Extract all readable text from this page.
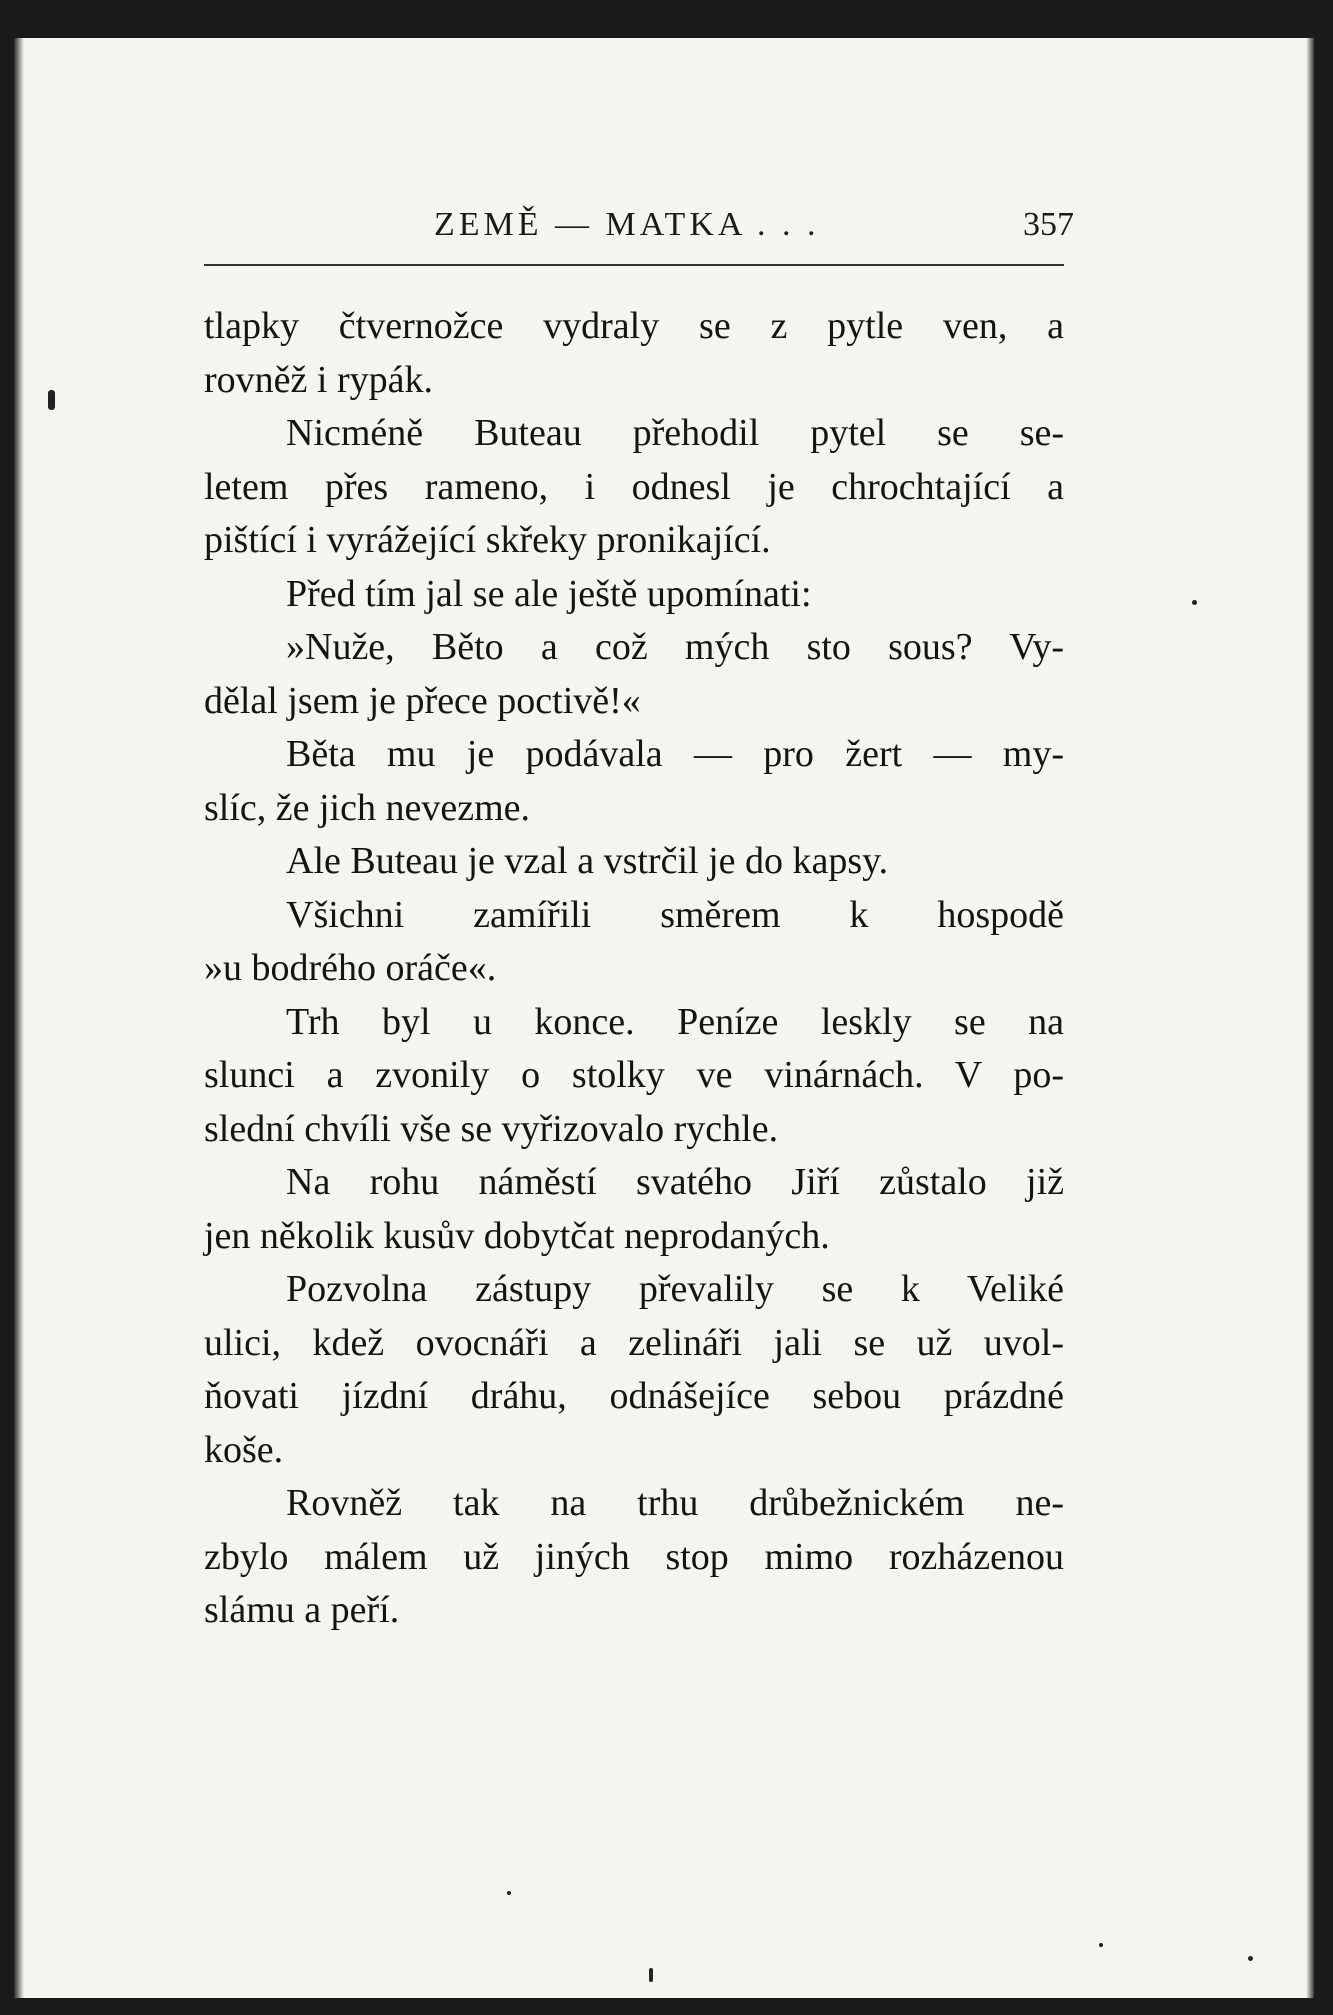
ZEMĚ — MATKA . . .	357
tlapky čtvernožce vydraly se z pytle ven, a
rovněž i rypák.
Nicméně Buteau přehodil pytel se se-
letem přes rameno, i odnesl je chrochtající a
pištící i vyrážející skřeky pronikající.
Před tím jal se ale ještě upomínati:
»Nuže, Běto a což mých sto sous? Vy-
dělal jsem je přece poctivě!«
Běta mu je podávala — pro žert — my-
slíc, že jich nevezme.
Ale Buteau je vzal a vstrčil je do kapsy.
Všichni zamířili směrem k hospodě
»u bodrého oráče«.
Trh byl u konce. Peníze leskly se na
slunci a zvonily o stolky ve vinárnách. V po-
slední chvíli vše se vyřizovalo rychle.
Na rohu náměstí svatého Jiří zůstalo již
jen několik kusův dobytčat neprodaných.
Pozvolna zástupy převalily se k Veliké
ulici, kdež ovocnáři a zelináři jali se už uvol-
ňovati jízdní dráhu, odnášejíce sebou prázdné
koše.
Rovněž tak na trhu drůbežnickém ne-
zbylo málem už jiných stop mimo rozházenou
slámu a peří.
